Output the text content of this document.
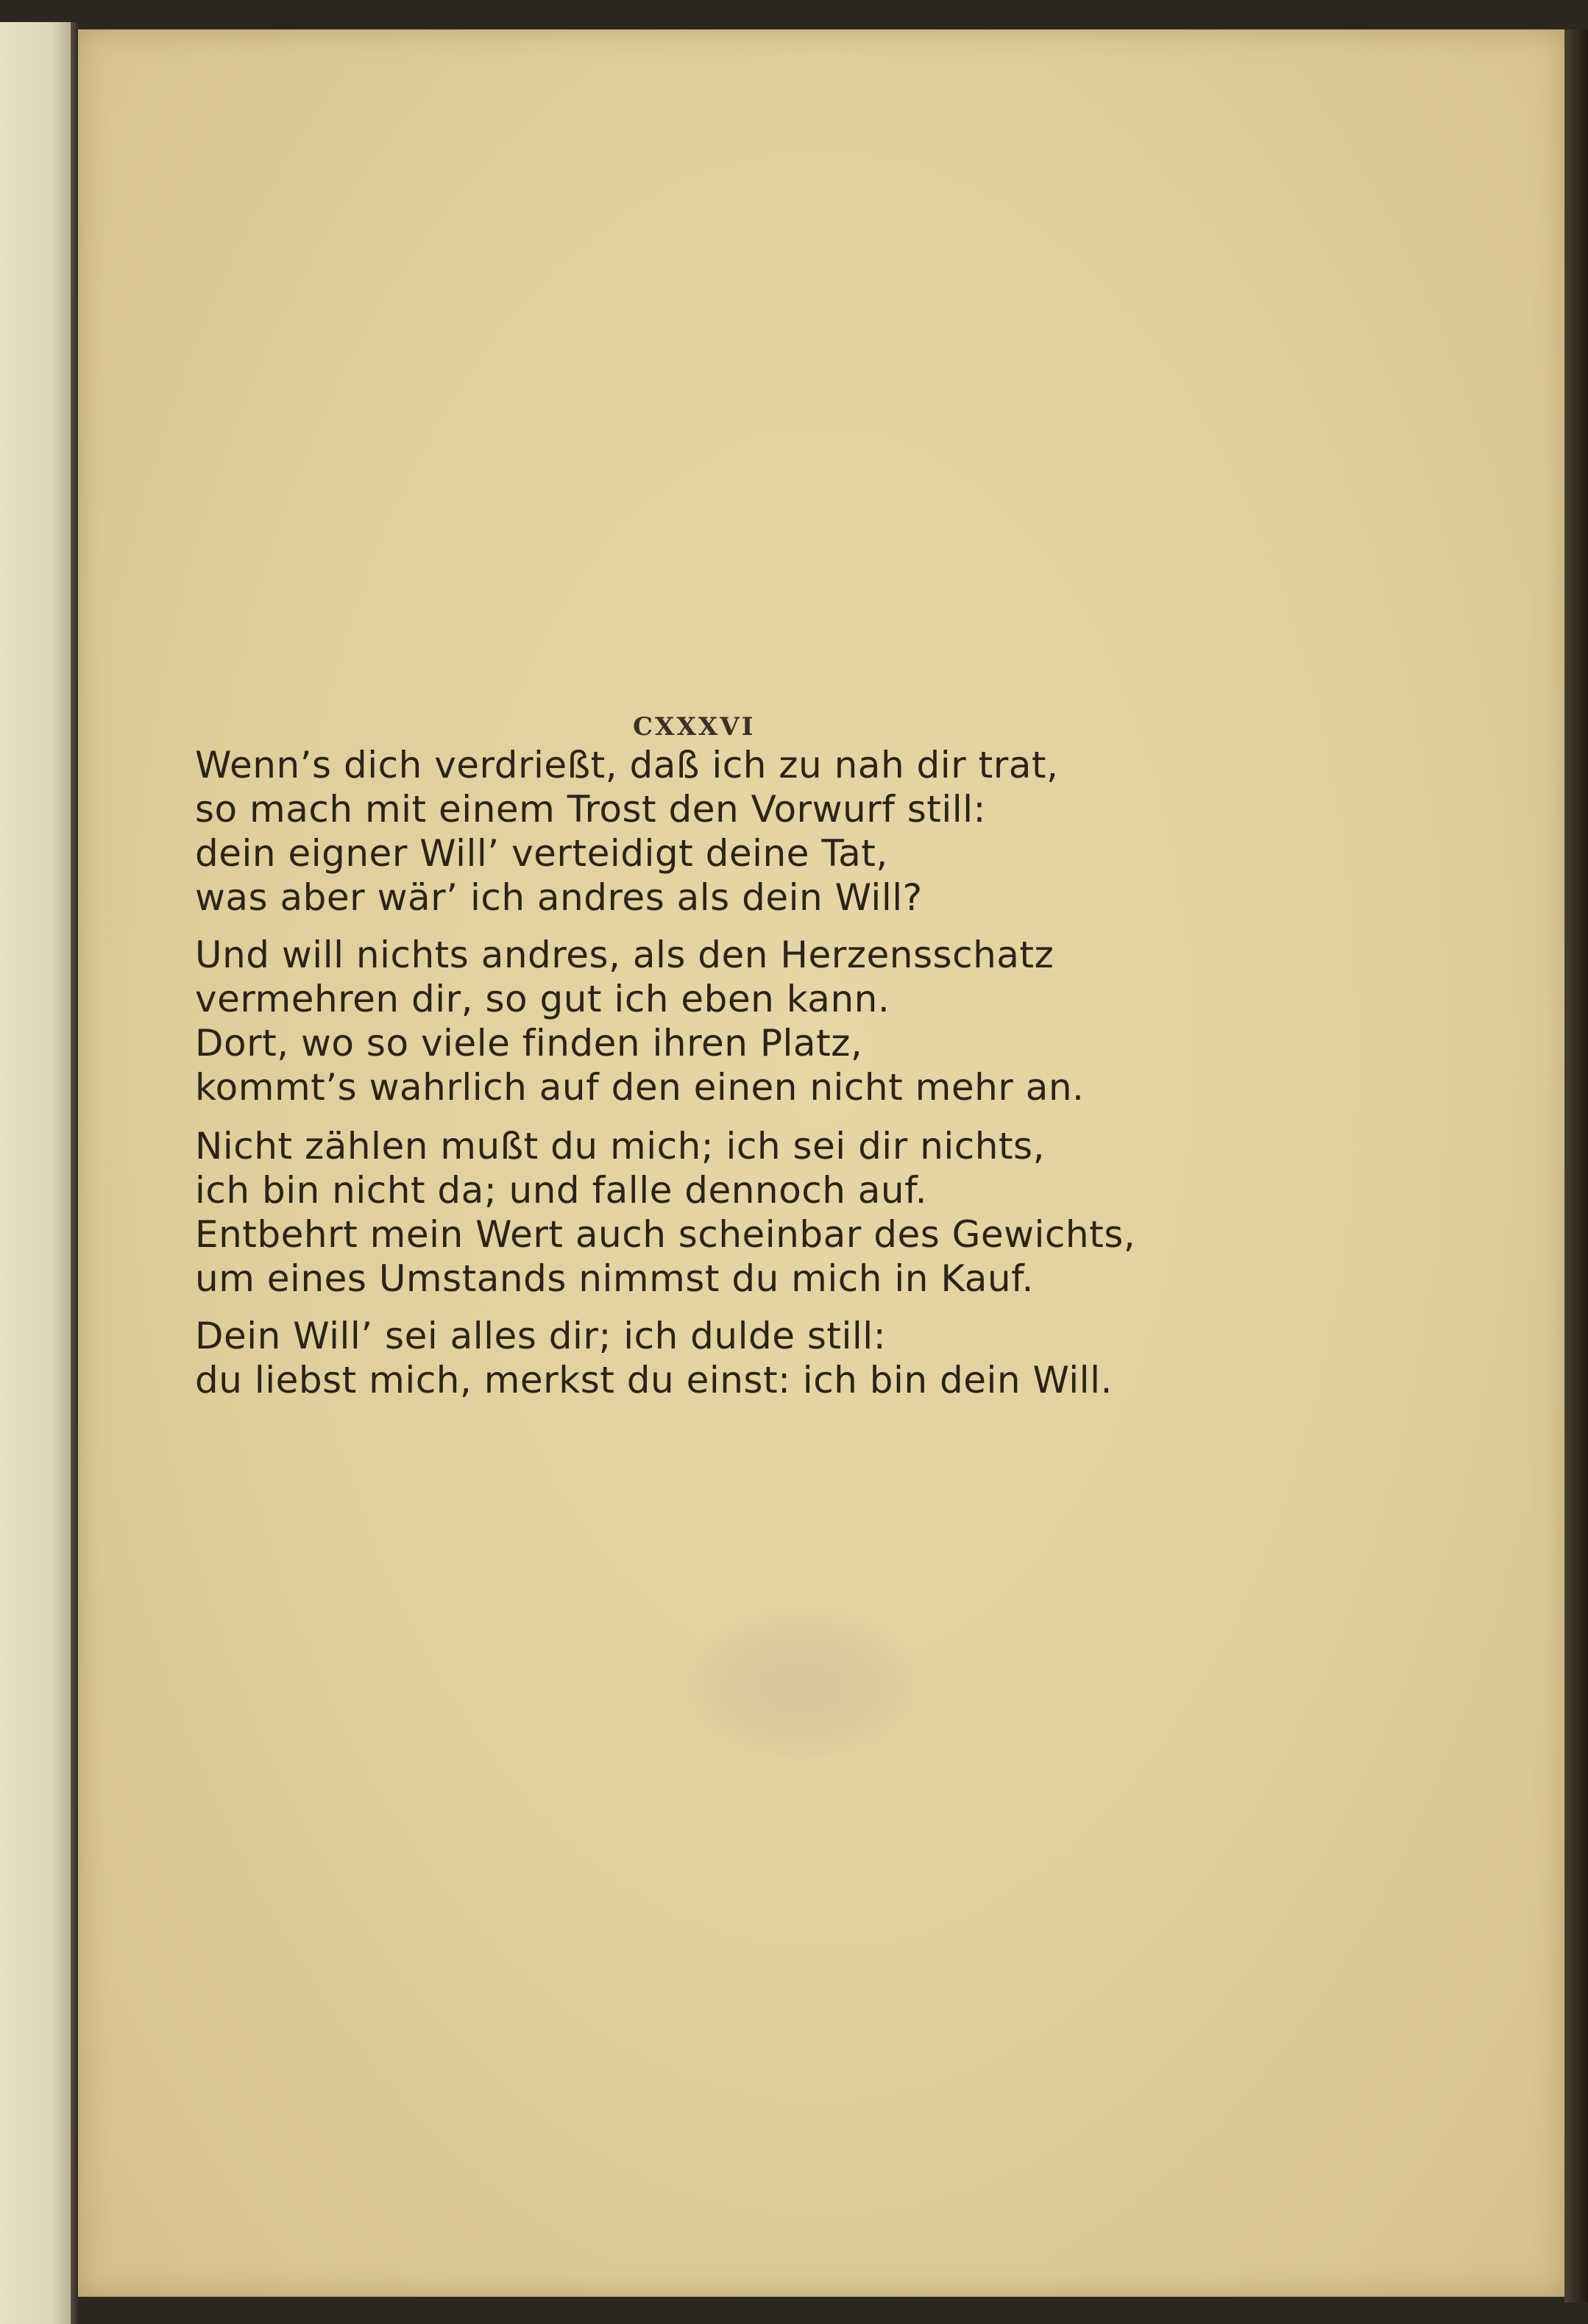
CXXXVI
Wenn’s dich verdrießt, daß ich zu nah dir trat,
so mach mit einem Trost den Vorwurf still:
dein eigner Will’ verteidigt deine Tat,
was aber wär’ ich andres als dein Will?
Und will nichts andres, als den Herzensschatz
vermehren dir, so gut ich eben kann.
Dort, wo so viele finden ihren Platz,
kommt’s wahrlich auf den einen nicht mehr an.
Nicht zählen mußt du mich; ich sei dir nichts,
ich bin nicht da; und falle dennoch auf.
Entbehrt mein Wert auch scheinbar des Gewichts,
um eines Umstands nimmst du mich in Kauf.
Dein Will’ sei alles dir; ich dulde still:
du liebst mich, merkst du einst: ich bin dein Will.
